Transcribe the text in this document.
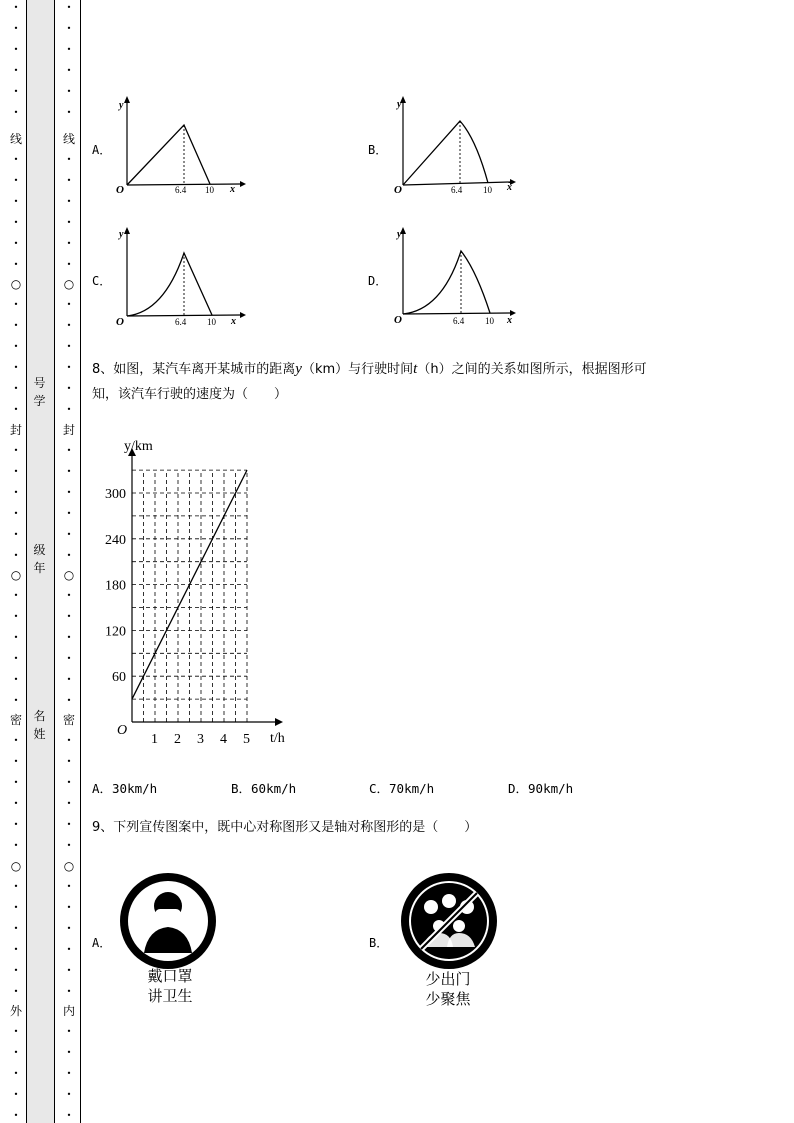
•
•
•
•
•
•
线
•
•
•
•
•
•
○
•
•
•
•
•
•
封
•
•
•
•
•
•
○
•
•
•
•
•
•
密
•
•
•
•
•
•
○
•
•
•
•
•
•
外
•
•
•
•
•
•
•
•
•
•
•
线
•
•
•
•
•
•
○
•
•
•
•
•
•
封
•
•
•
•
•
•
○
•
•
•
•
•
•
密
•
•
•
•
•
•
○
•
•
•
•
•
•
内
•
•
•
•
•
号
学
级
年
名
姓
A．	B．
C．	D．
y
O	6.4 10 x
y
O	6.4 10 x
y
O	6.4 10 x
y
O	6.4 10 x
8、如图，某汽车离开某城市的距离y（km）与行驶时间t（h）之间的关系如图所示，根据图形可
知，该汽车行驶的速度为（　　）
1 2 3 4 5
60
120
180
240
300
y/km
t/h
O
A．30km/h	B．60km/h	C．70km/h	D．90km/h
9、下列宣传图案中，既中心对称图形又是轴对称图形的是（　　）
A．
戴口罩
讲卫生
B．
少出门
少聚焦
